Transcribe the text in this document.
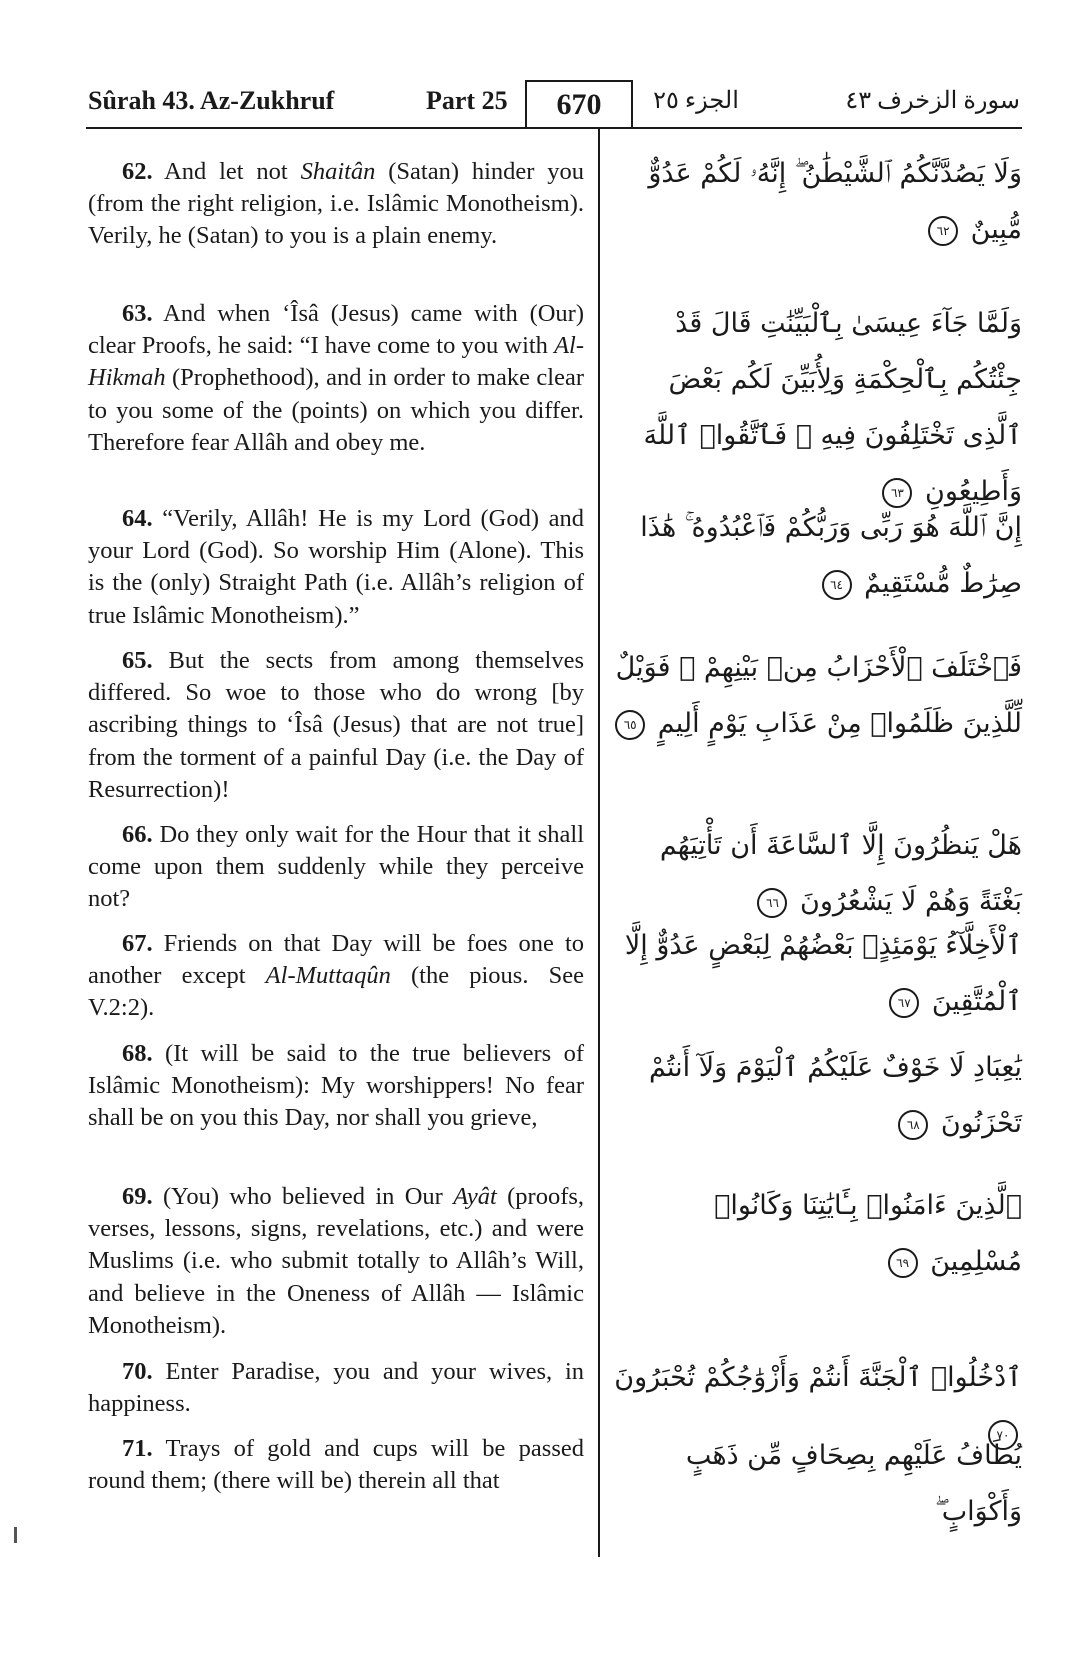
Sûrah 43. Az-Zukhruf	Part 25	670	الجزء ٢٥	سورة الزخرف ٤٣
62. And let not Shaitân (Satan) hinder you (from the right religion, i.e. Islâmic Monotheism). Verily, he (Satan) to you is a plain enemy.
63. And when ‘Îsâ (Jesus) came with (Our) clear Proofs, he said: “I have come to you with Al-Hikmah (Prophethood), and in order to make clear to you some of the (points) on which you differ. Therefore fear Allâh and obey me.
64. “Verily, Allâh! He is my Lord (God) and your Lord (God). So worship Him (Alone). This is the (only) Straight Path (i.e. Allâh’s religion of true Islâmic Monotheism).”
65. But the sects from among themselves differed. So woe to those who do wrong [by ascribing things to ‘Îsâ (Jesus) that are not true] from the torment of a painful Day (i.e. the Day of Resurrection)!
66. Do they only wait for the Hour that it shall come upon them suddenly while they perceive not?
67. Friends on that Day will be foes one to another except Al-Muttaqûn (the pious. See V.2:2).
68. (It will be said to the true believers of Islâmic Monotheism): My worshippers! No fear shall be on you this Day, nor shall you grieve,
69. (You) who believed in Our Ayât (proofs, verses, lessons, signs, revelations, etc.) and were Muslims (i.e. who submit totally to Allâh’s Will, and believe in the Oneness of Allâh — Islâmic Monotheism).
70. Enter Paradise, you and your wives, in happiness.
71. Trays of gold and cups will be passed round them; (there will be) therein all that
وَلَا يَصُدَّنَّكُمُ ٱلشَّيْطَٰنُ ۖ إِنَّهُۥ لَكُمْ عَدُوٌّ مُّبِينٌ ٦٢
وَلَمَّا جَآءَ عِيسَىٰ بِٱلْبَيِّنَٰتِ قَالَ قَدْ جِئْتُكُم بِٱلْحِكْمَةِ وَلِأُبَيِّنَ لَكُم بَعْضَ ٱلَّذِى تَخْتَلِفُونَ فِيهِ ۖ فَٱتَّقُوا۟ ٱللَّهَ وَأَطِيعُونِ ٦٣
إِنَّ ٱللَّهَ هُوَ رَبِّى وَرَبُّكُمْ فَٱعْبُدُوهُ ۚ هَٰذَا صِرَٰطٌ مُّسْتَقِيمٌ ٦٤
فَٱخْتَلَفَ ٱلْأَحْزَابُ مِنۢ بَيْنِهِمْ ۖ فَوَيْلٌ لِّلَّذِينَ ظَلَمُوا۟ مِنْ عَذَابِ يَوْمٍ أَلِيمٍ ٦٥
هَلْ يَنظُرُونَ إِلَّا ٱلسَّاعَةَ أَن تَأْتِيَهُم بَغْتَةً وَهُمْ لَا يَشْعُرُونَ ٦٦
ٱلْأَخِلَّآءُ يَوْمَئِذٍۭ بَعْضُهُمْ لِبَعْضٍ عَدُوٌّ إِلَّا ٱلْمُتَّقِينَ ٦٧
يَٰعِبَادِ لَا خَوْفٌ عَلَيْكُمُ ٱلْيَوْمَ وَلَآ أَنتُمْ تَحْزَنُونَ ٦٨
ٱلَّذِينَ ءَامَنُوا۟ بِـَٔايَٰتِنَا وَكَانُوا۟ مُسْلِمِينَ ٦٩
ٱدْخُلُوا۟ ٱلْجَنَّةَ أَنتُمْ وَأَزْوَٰجُكُمْ تُحْبَرُونَ ٧٠
يُطَافُ عَلَيْهِم بِصِحَافٍ مِّن ذَهَبٍ وَأَكْوَابٍ ۖ
